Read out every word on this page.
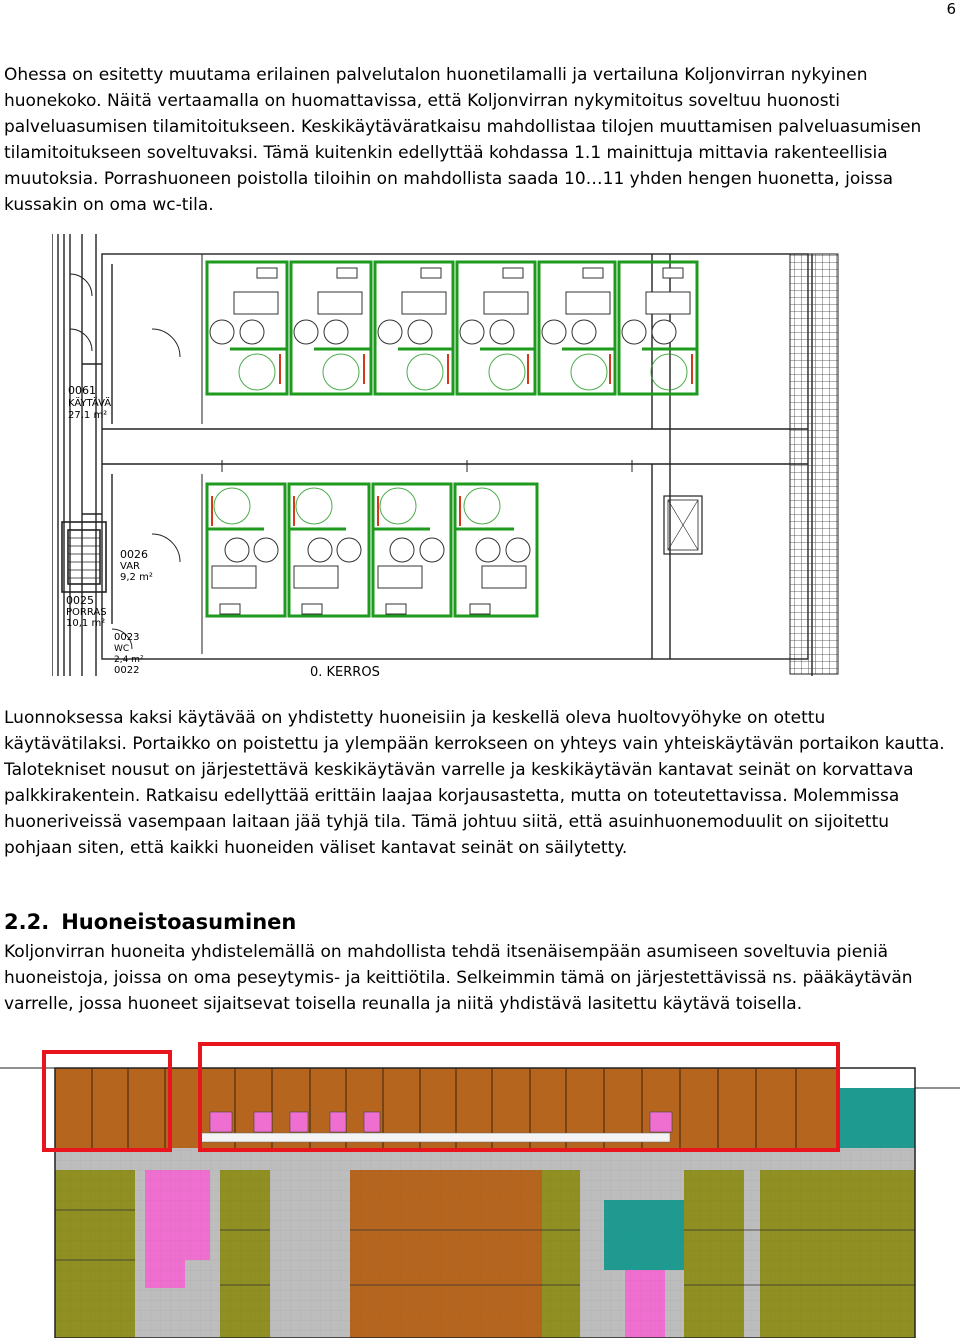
6

Ohessa on esitetty muutama erilainen palvelutalon huonetilamalli ja vertailuna Koljonvirran nykyinen huonekoko. Näitä vertaamalla on huomattavissa, että Koljonvirran nykymitoitus soveltuu huonosti palveluasumisen tilamitoitukseen. Keskikäytäväratkaisu mahdollistaa tilojen muuttamisen palveluasumisen tilamitoitukseen soveltuvaksi. Tämä kuitenkin edellyttää kohdassa 1.1 mainittuja mittavia rakenteellisia muutoksia. Porrashuoneen poistolla tiloihin on mahdollista saada 10…11 yhden hengen huonetta, joissa kussakin on oma wc-tila.

0061
KÄYTÄVÄ
27,1 m²
0026
VAR
9,2 m²
0025
PORRAS
10,1 m²
0023
WC
2,4 m²
0022	0. KERROS

Luonnoksessa kaksi käytävää on yhdistetty huoneisiin ja keskellä oleva huoltovyöhyke on otettu käytävätilaksi. Portaikko on poistettu ja ylempään kerrokseen on yhteys vain yhteiskäytävän portaikon kautta. Talotekniset nousut on järjestettävä keskikäytävän varrelle ja keskikäytävän kantavat seinät on korvattava palkkirakentein. Ratkaisu edellyttää erittäin laajaa korjausastetta, mutta on toteutettavissa. Molemmissa huoneriveissä vasempaan laitaan jää tyhjä tila. Tämä johtuu siitä, että asuinhuonemoduulit on sijoitettu pohjaan siten, että kaikki huoneiden väliset kantavat seinät on säilytetty.

2.2. Huoneistoasuminen

Koljonvirran huoneita yhdistelemällä on mahdollista tehdä itsenäisempään asumiseen soveltuvia pieniä huoneistoja, joissa on oma peseytymis- ja keittiötila. Selkeimmin tämä on järjestettävissä ns. pääkäytävän varrelle, jossa huoneet sijaitsevat toisella reunalla ja niitä yhdistävä lasitettu käytävä toisella.
